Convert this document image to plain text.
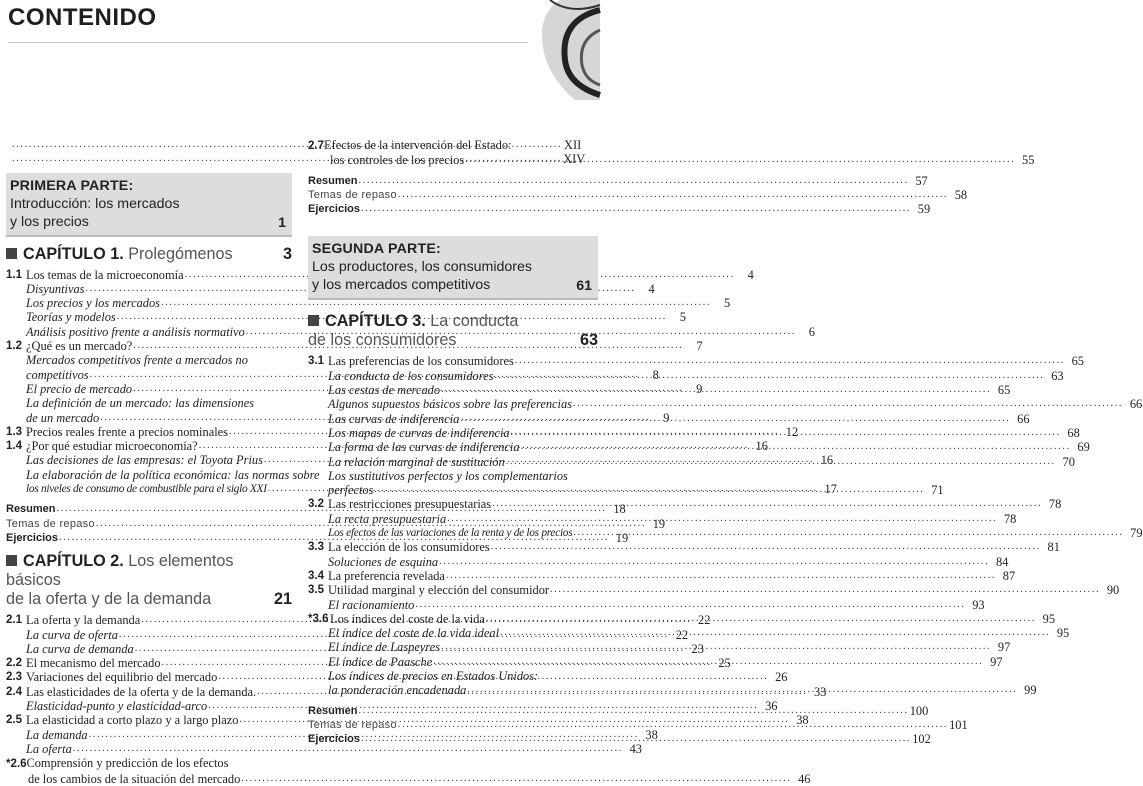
CONTENIDO
.....
XII
.....
XIV
PRIMERA PARTE:
Introducción: los mercados
y los precios	1
CAPÍTULO 1. Prolegómenos	3
1.1 Los temas de la microeconomía .....	4
Disyuntivas .....	4
Los precios y los mercados .....	5
Teorías y modelos .....	5
Análisis positivo frente a análisis normativo .....	6
1.2 ¿Qué es un mercado? .....	7
Mercados competitivos frente a mercados no
competitivos .....	8
El precio de mercado .....	9
La definición de un mercado: las dimensiones
de un mercado .....	9
1.3 Precios reales frente a precios nominales .....	12
1.4 ¿Por qué estudiar microeconomía? .....	16
Las decisiones de las empresas: el Toyota Prius .....	16
La elaboración de la política económica: las normas sobre
los niveles de consumo de combustible para el siglo XXI .....	17
Resumen .....	18
Temas de repaso .....	19
Ejercicios .....	19
CAPÍTULO 2. Los elementos básicos
de la oferta y de la demanda	21
2.1 La oferta y la demanda .....	22
La curva de oferta .....	22
La curva de demanda .....	23
2.2 El mecanismo del mercado .....	25
2.3 Variaciones del equilibrio del mercado .....	26
2.4 Las elasticidades de la oferta y de la demanda. .....	33
Elasticidad-punto y elasticidad-arco .....	36
2.5 La elasticidad a corto plazo y a largo plazo .....	38
La demanda .....	38
La oferta .....	43
*2.6Comprensión y predicción de los efectos
de los cambios de la situación del mercado .....	46
2.7Efectos de la intervención del Estado:
los controles de los precios .....	55
Resumen .....	57
Temas de repaso .....	58
Ejercicios .....	59
SEGUNDA PARTE:
Los productores, los consumidores
y los mercados competitivos	61
CAPÍTULO 3. La conducta
de los consumidores	63
3.1 Las preferencias de los consumidores .....	65
La conducta de los consumidores .....	63
Las cestas de mercado .....	65
Algunos supuestos básicos sobre las preferencias .....	66
Las curvas de indiferencia .....	66
Los mapas de curvas de indiferencia .....	68
La forma de las curvas de indiferencia .....	69
La relación marginal de sustitución .....	70
Los sustitutivos perfectos y los complementarios
perfectos .....	71
3.2 Las restricciones presupuestarias .....	78
La recta presupuestaria .....	78
Los efectos de las variaciones de la renta y de los precios .....	79
3.3 La elección de los consumidores .....	81
Soluciones de esquina .....	84
3.4 La preferencia revelada .....	87
3.5 Utilidad marginal y elección del consumidor .....	90
El racionamiento .....	93
*3.6 Los índices del coste de la vida .....	95
El índice del coste de la vida ideal .....	95
El índice de Laspeyres .....	97
El índice de Paasche .....	97
Los índices de precios en Estados Unidos:
la ponderación encadenada .....	99
Resumen .....	100
Temas de repaso .....	101
Ejercicios .....	102
